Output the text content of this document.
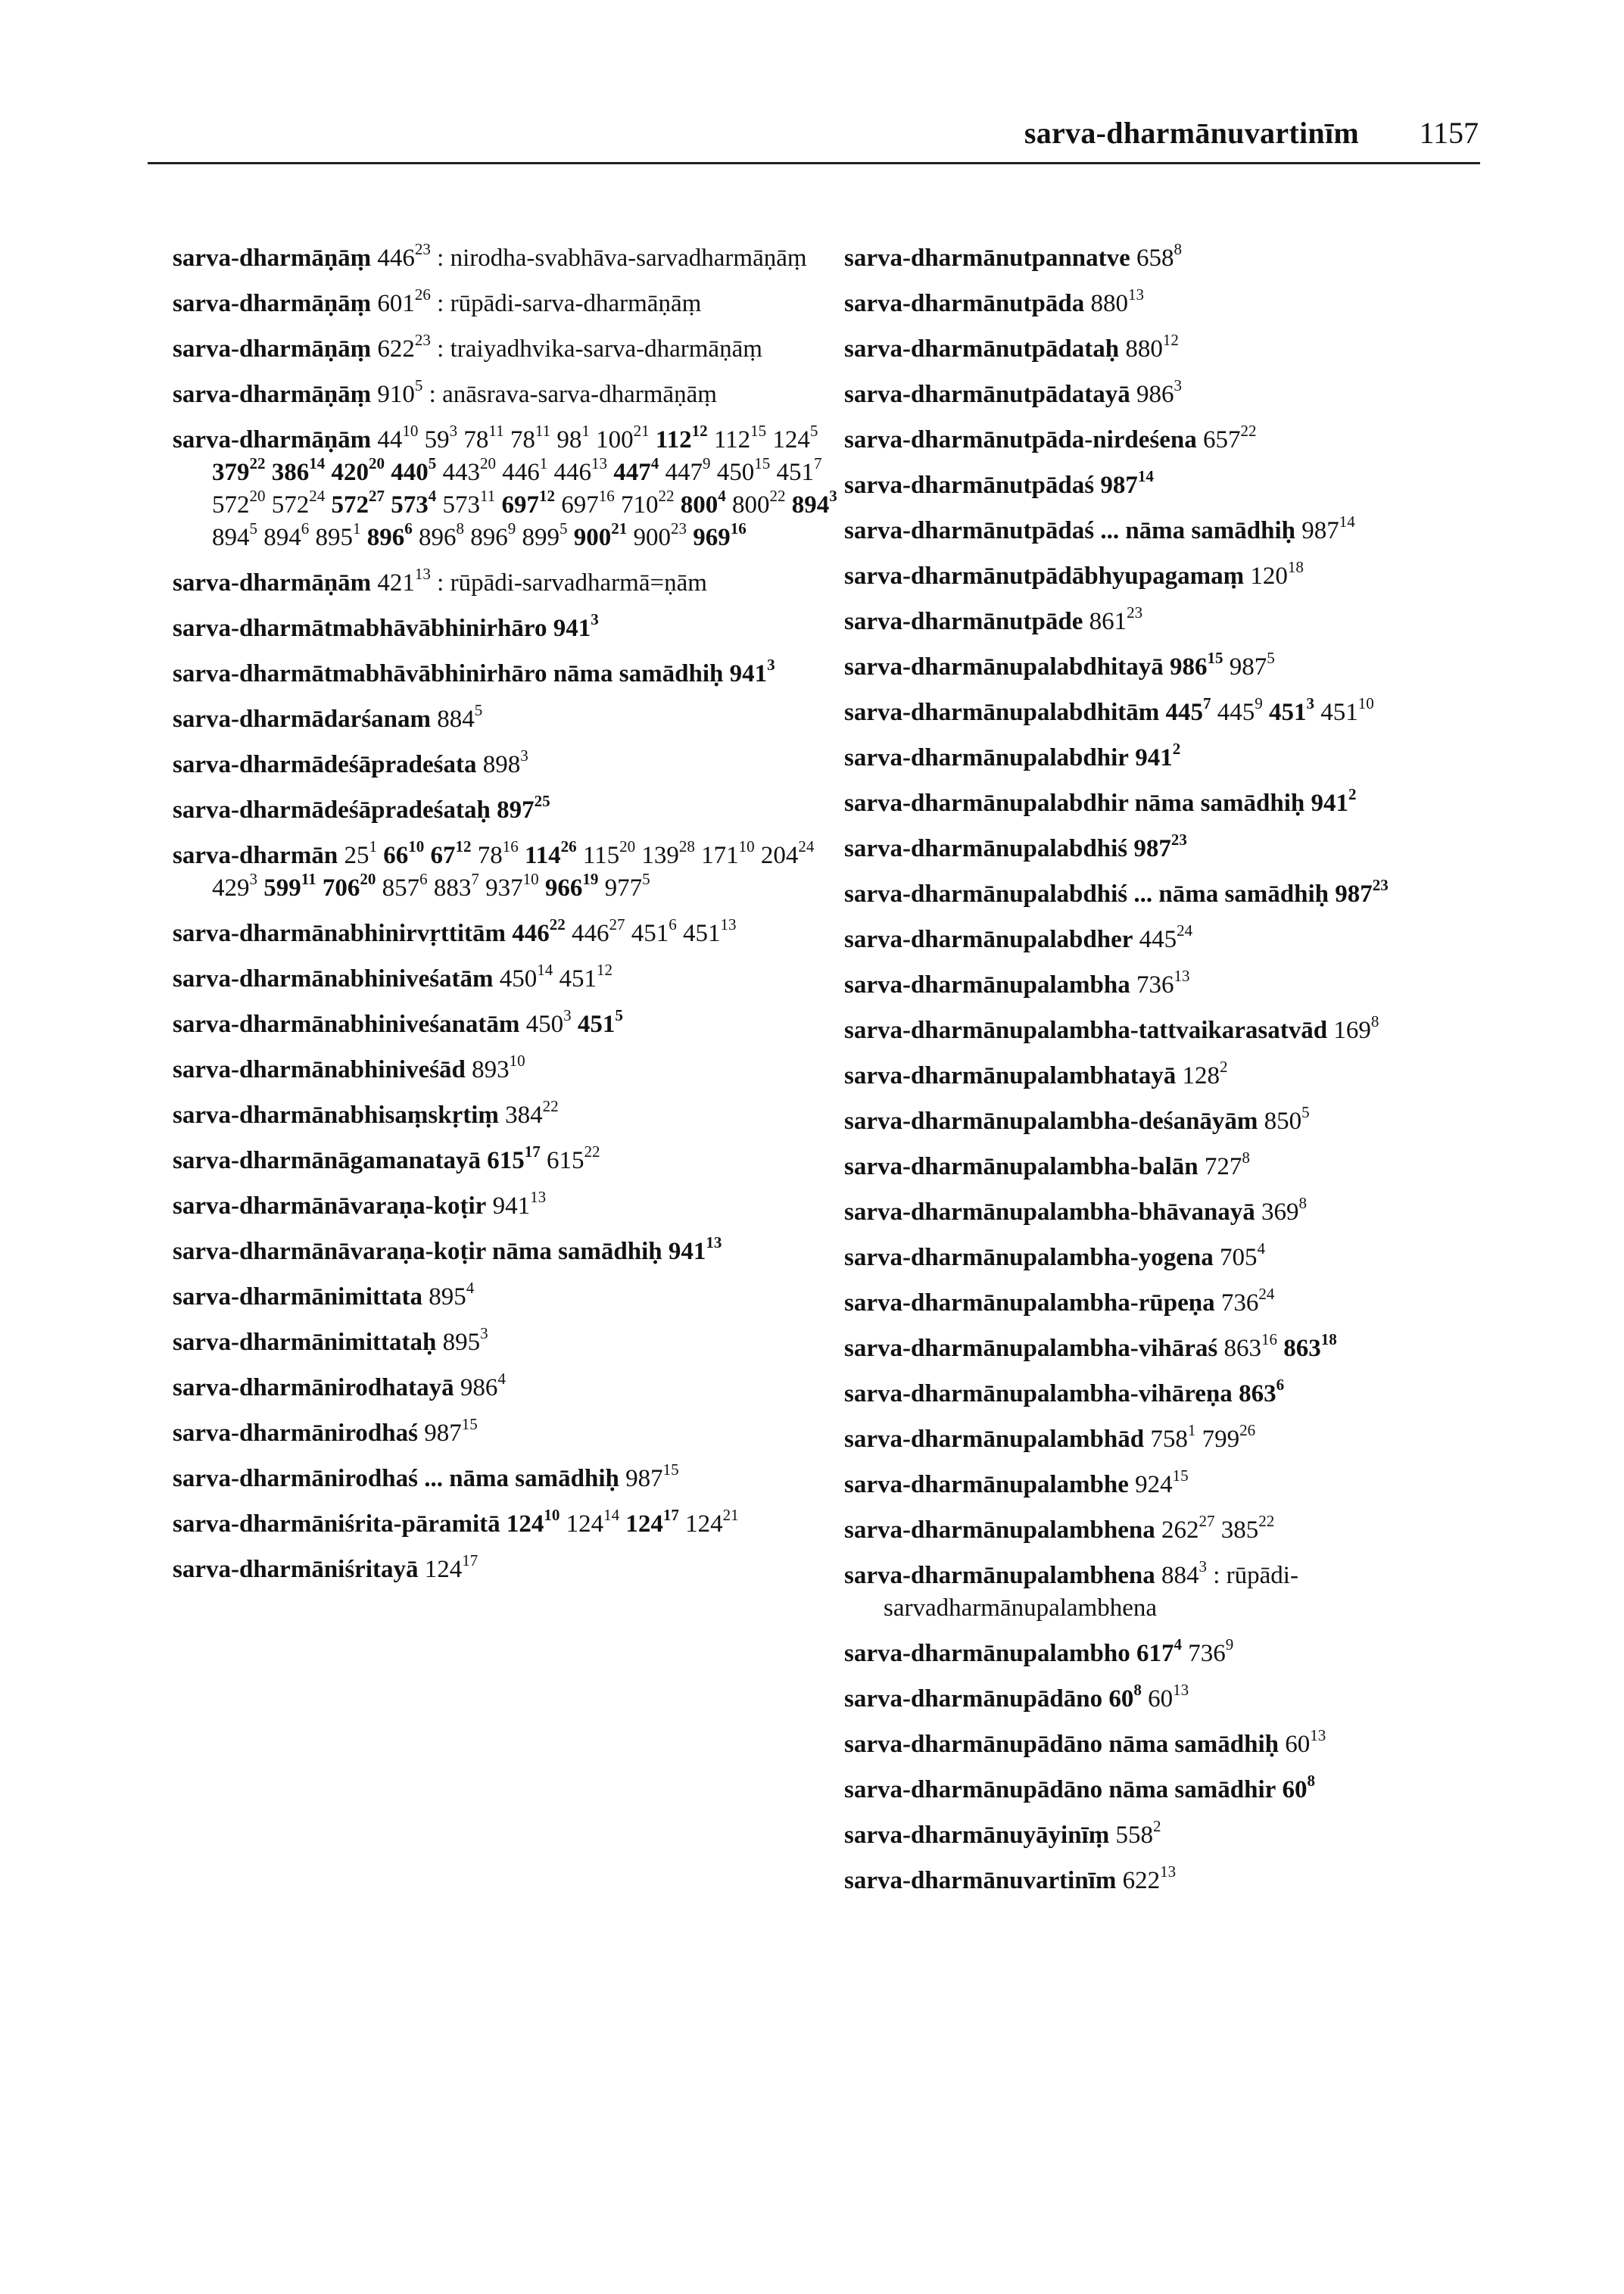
sarva-dharmānuvartinīm 1157
sarva-dharmāṇāṃ $446^{23}$ : nirodha-svabhāva-sarvadharmāṇāṃ
sarva-dharmāṇāṃ $601^{26}$ : rūpādi-sarva-dharmāṇāṃ
sarva-dharmāṇāṃ $622^{23}$ : traiyadhvika-sarva-dharmāṇāṃ
sarva-dharmāṇāṃ $910^5$ : anāsrava-sarva-dharmāṇāṃ
sarva-dharmāṇām $44^{10}$ $59^3$ $78^{11}$ $78^{11}$ $98^1$ $100^{21}$ $112^{12}$ $112^{15}$ $124^5$ $379^{22}$ $386^{14}$ $420^{20}$ $440^5$ $443^{20}$ $446^1$ $446^{13}$ $447^4$ $447^9$ $450^{15}$ $451^7$ $572^{20}$ $572^{24}$ $572^{27}$ $573^4$ $573^{11}$ $697^{12}$ $697^{16}$ $710^{22}$ $800^4$ $800^{22}$ $894^3$ $894^5$ $894^6$ $895^1$ $896^6$ $896^8$ $896^9$ $899^5$ $900^{21}$ $900^{23}$ $969^{16}$
sarva-dharmāṇām $421^{13}$ : rūpādi-sarvadharmā=ṇām
sarva-dharmātmabhāvābhinirhāro $941^3$
sarva-dharmātmabhāvābhinirhāro nāma samādhiḥ $941^3$
sarva-dharmādarśanam $884^5$
sarva-dharmādeśāpradeśata $898^3$
sarva-dharmādeśāpradeśataḥ $897^{25}$
sarva-dharmān $25^1$ $66^{10}$ $67^{12}$ $78^{16}$ $114^{26}$ $115^{20}$ $139^{28}$ $171^{10}$ $204^{24}$ $429^3$ $599^{11}$ $706^{20}$ $857^6$ $883^7$ $937^{10}$ $966^{19}$ $977^5$
sarva-dharmānabhinirvṛttitām $446^{22}$ $446^{27}$ $451^6$ $451^{13}$
sarva-dharmānabhiniveśatām $450^{14}$ $451^{12}$
sarva-dharmānabhiniveśanatām $450^3$ $451^5$
sarva-dharmānabhiniveśād $893^{10}$
sarva-dharmānabhisaṃskṛtiṃ $384^{22}$
sarva-dharmānāgamanatayā $615^{17}$ $615^{22}$
sarva-dharmānāvaraṇa-koṭir $941^{13}$
sarva-dharmānāvaraṇa-koṭir nāma samādhiḥ $941^{13}$
sarva-dharmānimittata $895^4$
sarva-dharmānimittataḥ $895^3$
sarva-dharmānirodhatayā $986^4$
sarva-dharmānirodhaś $987^{15}$
sarva-dharmānirodhaś ... nāma samādhiḥ $987^{15}$
sarva-dharmāniśrita-pāramitā $124^{10}$ $124^{14}$ $124^{17}$ $124^{21}$
sarva-dharmāniśritayā $124^{17}$
sarva-dharmānutpannatve $658^8$
sarva-dharmānutpāda $880^{13}$
sarva-dharmānutpādataḥ $880^{12}$
sarva-dharmānutpādatayā $986^3$
sarva-dharmānutpāda-nirdeśena $657^{22}$
sarva-dharmānutpādaś $987^{14}$
sarva-dharmānutpādaś ... nāma samādhiḥ $987^{14}$
sarva-dharmānutpādābhyupagamaṃ $120^{18}$
sarva-dharmānutpāde $861^{23}$
sarva-dharmānupalabdhitayā $986^{15}$ $987^5$
sarva-dharmānupalabdhitām $445^7$ $445^9$ $451^3$ $451^{10}$
sarva-dharmānupalabdhir $941^2$
sarva-dharmānupalabdhir nāma samādhiḥ $941^2$
sarva-dharmānupalabdhiś $987^{23}$
sarva-dharmānupalabdhiś ... nāma samādhiḥ $987^{23}$
sarva-dharmānupalabdher $445^{24}$
sarva-dharmānupalambha $736^{13}$
sarva-dharmānupalambha-tattvaikarasatvād $169^8$
sarva-dharmānupalambhatayā $128^2$
sarva-dharmānupalambha-deśanāyām $850^5$
sarva-dharmānupalambha-balān $727^8$
sarva-dharmānupalambha-bhāvanayā $369^8$
sarva-dharmānupalambha-yogena $705^4$
sarva-dharmānupalambha-rūpeṇa $736^{24}$
sarva-dharmānupalambha-vihāraś $863^{16}$ $863^{18}$
sarva-dharmānupalambha-vihāreṇa $863^6$
sarva-dharmānupalambhād $758^1$ $799^{26}$
sarva-dharmānupalambhe $924^{15}$
sarva-dharmānupalambhena $262^{27}$ $385^{22}$
sarva-dharmānupalambhena $884^3$ : rūpādi-sarvadharmānupalambhena
sarva-dharmānupalambho $617^4$ $736^9$
sarva-dharmānupādāno $60^8$ $60^{13}$
sarva-dharmānupādāno nāma samādhiḥ $60^{13}$
sarva-dharmānupādāno nāma samādhir $60^8$
sarva-dharmānuyāyinīṃ $558^2$
sarva-dharmānuvartinīm $622^{13}$
